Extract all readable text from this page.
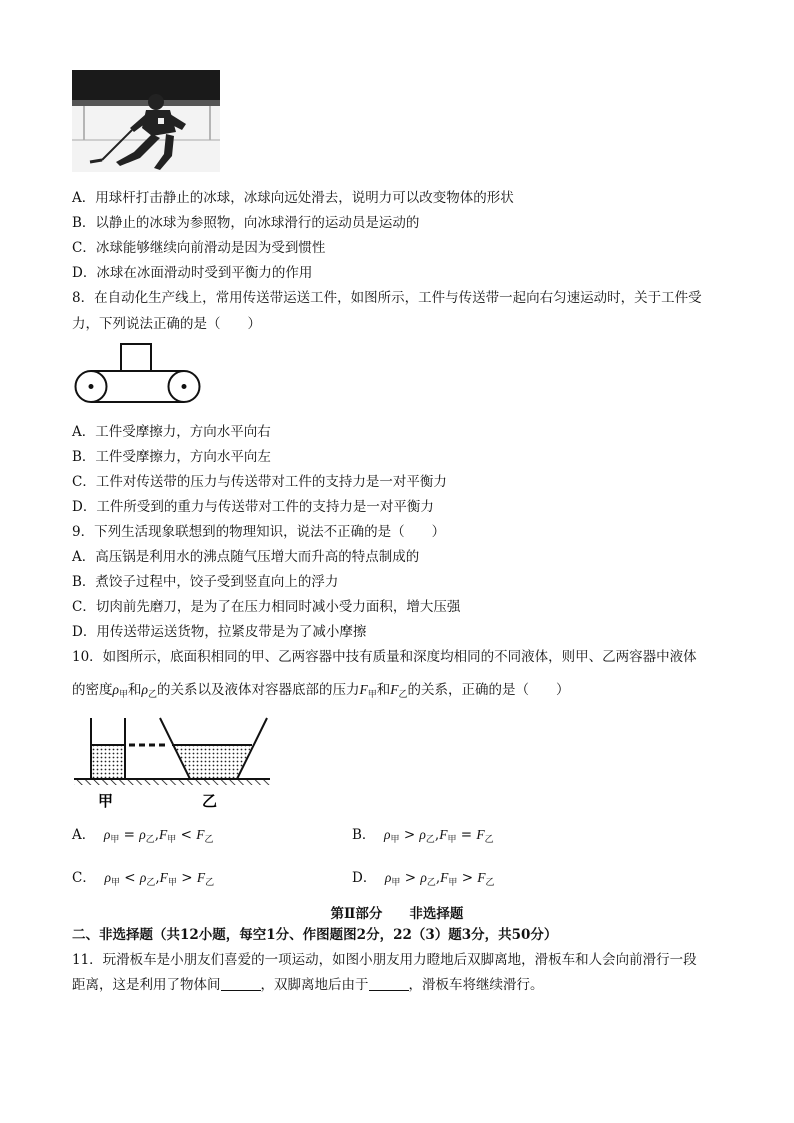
A．用球杆打击静止的冰球，冰球向远处滑去，说明力可以改变物体的形状
B．以静止的冰球为参照物，向冰球滑行的运动员是运动的
C．冰球能够继续向前滑动是因为受到惯性
D．冰球在冰面滑动时受到平衡力的作用
8．在自动化生产线上，常用传送带运送工件，如图所示，工件与传送带一起向右匀速运动时，关于工件受
力，下列说法正确的是（　　）
A．工件受摩擦力，方向水平向右
B．工件受摩擦力，方向水平向左
C．工件对传送带的压力与传送带对工件的支持力是一对平衡力
D．工件所受到的重力与传送带对工件的支持力是一对平衡力
9．下列生活现象联想到的物理知识，说法不正确的是（　　）
A．高压锅是利用水的沸点随气压增大而升高的特点制成的
B．煮饺子过程中，饺子受到竖直向上的浮力
C．切肉前先磨刀，是为了在压力相同时减小受力面积，增大压强
D．用传送带运送货物，拉紧皮带是为了减小摩擦
10．如图所示，底面积相同的甲、乙两容器中技有质量和深度均相同的不同液体，则甲、乙两容器中液体
的密度$\rho_甲$和$\rho_乙$的关系以及液体对容器底部的压力$F_甲$和$F_乙$的关系，正确的是（　　）
甲	乙
A． $\rho_甲 = \rho_乙,F_甲 < F_乙$	B． $\rho_甲 > \rho_乙,F_甲 = F_乙$
C． $\rho_甲 < \rho_乙,F_甲 > F_乙$	D． $\rho_甲 > \rho_乙,F_甲 > F_乙$
第Ⅱ部分　　非选择题
二、非选择题（共12小题，每空1分、作图题图2分，22（3）题3分，共50分）
11．玩滑板车是小朋友们喜爱的一项运动，如图小朋友用力瞪地后双脚离地，滑板车和人会向前滑行一段
距离，这是利用了物体间	，双脚离地后由于	，滑板车将继续滑行。
